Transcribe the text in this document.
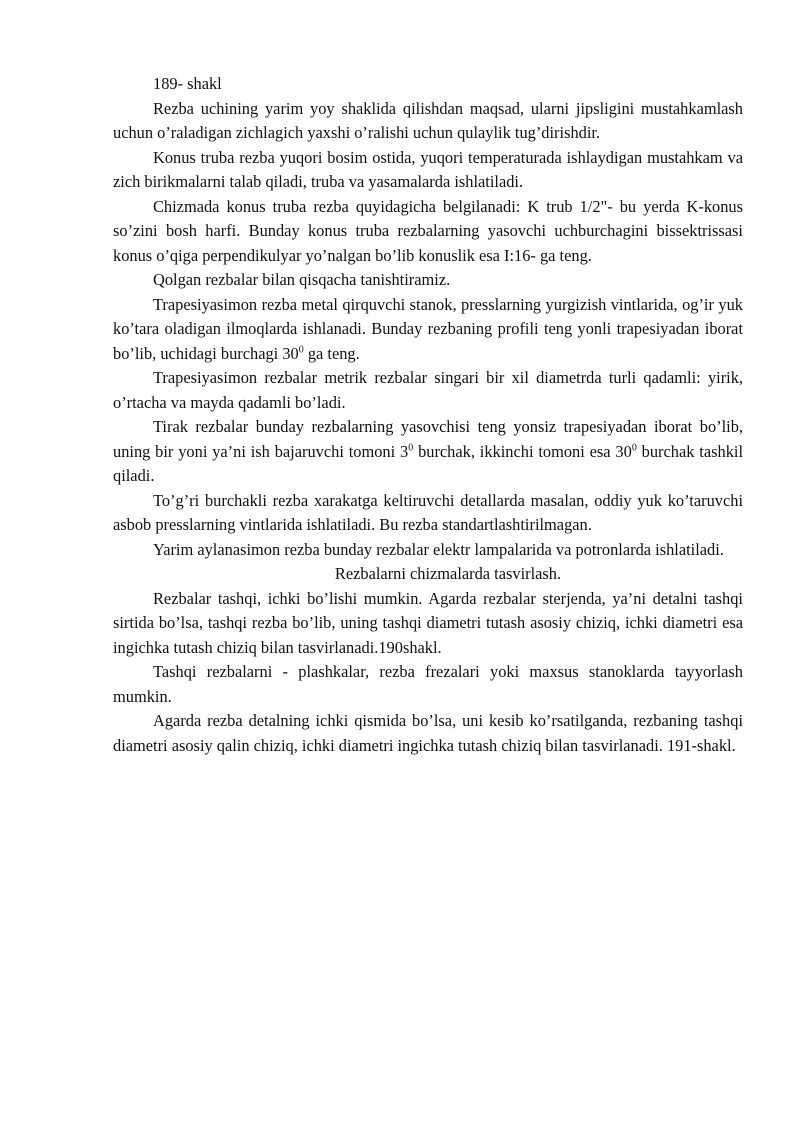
189- shakl

Rezba uchining yarim yoy shaklida qilishdan maqsad, ularni jipsligini mustahkamlash uchun o’raladigan zichlagich yaxshi o’ralishi uchun qulaylik tug’dirishdir.

Konus truba rezba yuqori bosim ostida, yuqori temperaturada ishlaydigan mustahkam va zich birikmalarni talab qiladi, truba va yasamalarda ishlatiladi.

Chizmada konus truba rezba quyidagicha belgilanadi: K trub 1/2"- bu yerda K-konus so’zini bosh harfi. Bunday konus truba rezbalarning yasovchi uchburchagini bissektrissasi konus o’qiga perpendikulyar yo’nalgan bo’lib konuslik esa I:16- ga teng.

Qolgan rezbalar bilan qisqacha tanishtiramiz.

Trapesiyasimon rezba metal qirquvchi stanok, presslarning yurgizish vintlarida, og’ir yuk ko’tara oladigan ilmoqlarda ishlanadi. Bunday rezbaning profili teng yonli trapesiyadan iborat bo’lib, uchidagi burchagi $30^0$ ga teng.

Trapesiyasimon rezbalar metrik rezbalar singari bir xil diametrda turli qadamli: yirik, o’rtacha va mayda qadamli bo’ladi.

Tirak rezbalar bunday rezbalarning yasovchisi teng yonsiz trapesiyadan iborat bo’lib, uning bir yoni ya’ni ish bajaruvchi tomoni $3^0$ burchak, ikkinchi tomoni esa $30^0$ burchak tashkil qiladi.

To’g’ri burchakli rezba xarakatga keltiruvchi detallarda masalan, oddiy yuk ko’taruvchi asbob presslarning vintlarida ishlatiladi. Bu rezba standartlashtirilmagan.

Yarim aylanasimon rezba bunday rezbalar elektr lampalarida va potronlarda ishlatiladi.

Rezbalarni chizmalarda tasvirlash.

Rezbalar tashqi, ichki bo’lishi mumkin. Agarda rezbalar sterjenda, ya’ni detalni tashqi sirtida bo’lsa, tashqi rezba bo’lib, uning tashqi diametri tutash asosiy chiziq, ichki diametri esa ingichka tutash chiziq bilan tasvirlanadi.190shakl.

Tashqi rezbalarni - plashkalar, rezba frezalari yoki maxsus stanoklarda tayyorlash mumkin.

Agarda rezba detalning ichki qismida bo’lsa, uni kesib ko’rsatilganda, rezbaning tashqi diametri asosiy qalin chiziq, ichki diametri ingichka tutash chiziq bilan tasvirlanadi. 191-shakl.
